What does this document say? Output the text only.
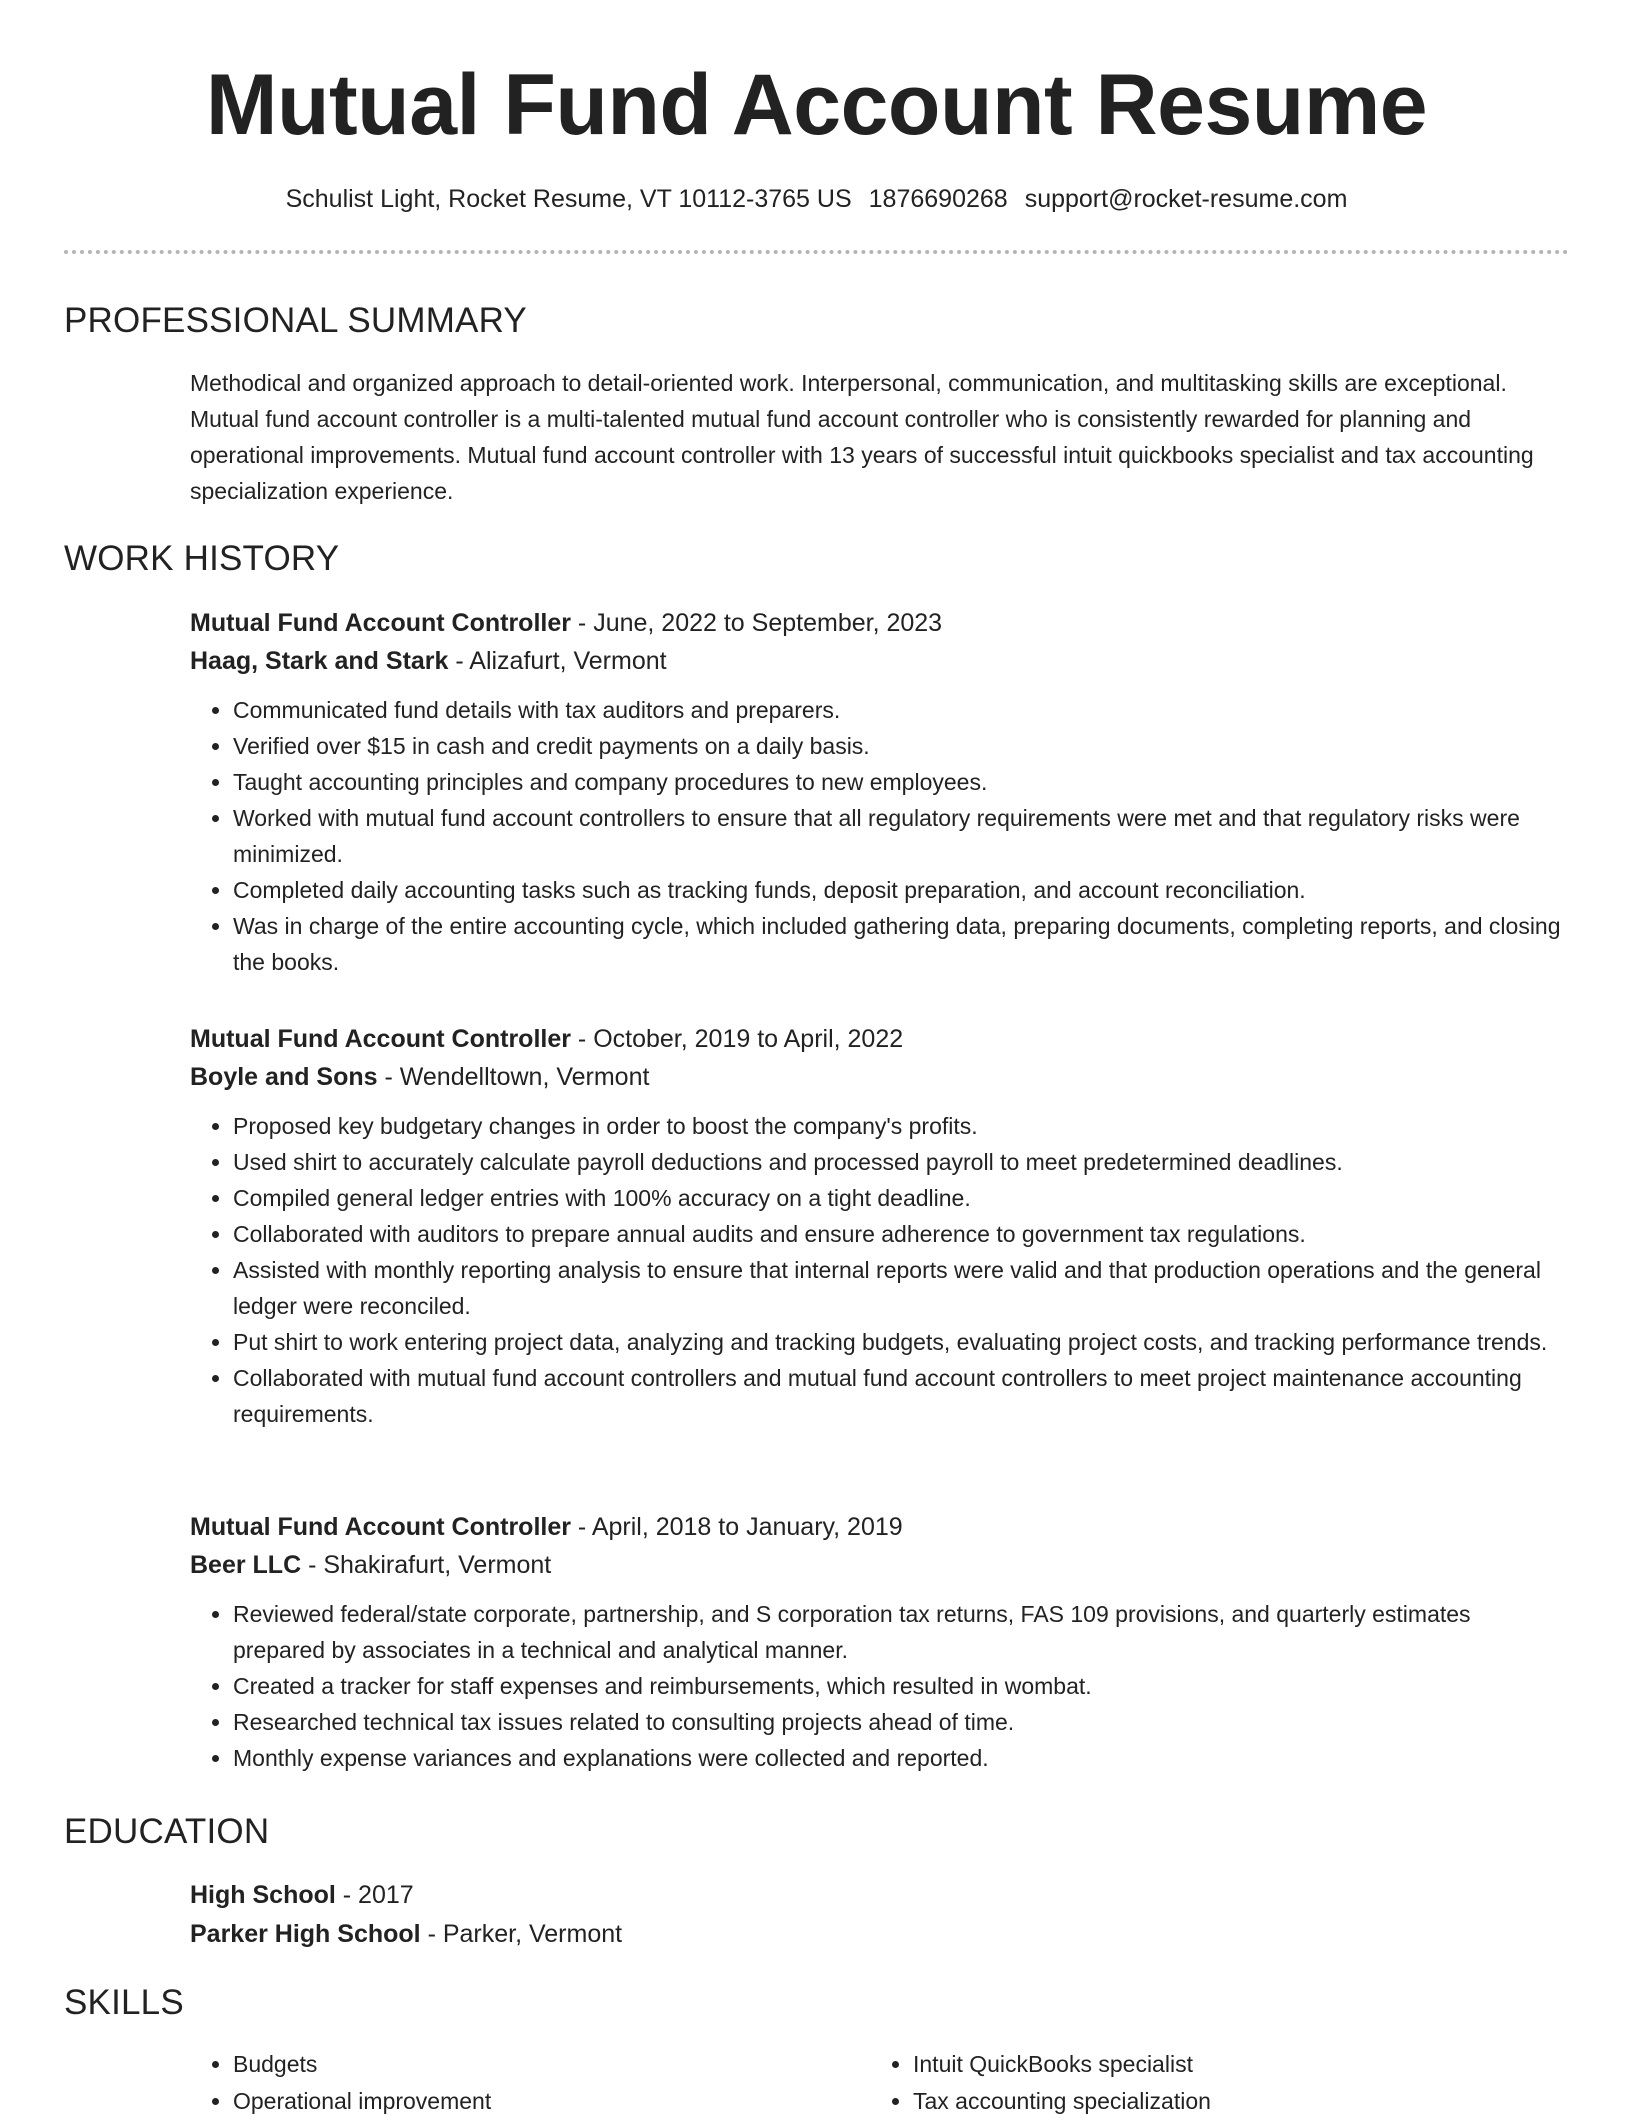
Mutual Fund Account Resume
Schulist Light, Rocket Resume, VT 10112-3765 US 1876690268 support@rocket-resume.com
PROFESSIONAL SUMMARY

Methodical and organized approach to detail-oriented work. Interpersonal, communication, and multitasking skills are exceptional. Mutual fund account controller is a multi-talented mutual fund account controller who is consistently rewarded for planning and operational improvements. Mutual fund account controller with 13 years of successful intuit quickbooks specialist and tax accounting specialization experience.

WORK HISTORY
Mutual Fund Account Controller - June, 2022 to September, 2023
Haag, Stark and Stark - Alizafurt, Vermont
• Communicated fund details with tax auditors and preparers.
• Verified over $15 in cash and credit payments on a daily basis.
• Taught accounting principles and company procedures to new employees.
• Worked with mutual fund account controllers to ensure that all regulatory requirements were met and that regulatory risks were minimized.
• Completed daily accounting tasks such as tracking funds, deposit preparation, and account reconciliation.
• Was in charge of the entire accounting cycle, which included gathering data, preparing documents, completing reports, and closing the books.
Mutual Fund Account Controller - October, 2019 to April, 2022
Boyle and Sons - Wendelltown, Vermont
• Proposed key budgetary changes in order to boost the company's profits.
• Used shirt to accurately calculate payroll deductions and processed payroll to meet predetermined deadlines.
• Compiled general ledger entries with 100% accuracy on a tight deadline.
• Collaborated with auditors to prepare annual audits and ensure adherence to government tax regulations.
• Assisted with monthly reporting analysis to ensure that internal reports were valid and that production operations and the general ledger were reconciled.
• Put shirt to work entering project data, analyzing and tracking budgets, evaluating project costs, and tracking performance trends.
• Collaborated with mutual fund account controllers and mutual fund account controllers to meet project maintenance accounting requirements.
Mutual Fund Account Controller - April, 2018 to January, 2019
Beer LLC - Shakirafurt, Vermont
• Reviewed federal/state corporate, partnership, and S corporation tax returns, FAS 109 provisions, and quarterly estimates prepared by associates in a technical and analytical manner.
• Created a tracker for staff expenses and reimbursements, which resulted in wombat.
• Researched technical tax issues related to consulting projects ahead of time.
• Monthly expense variances and explanations were collected and reported.
EDUCATION
High School - 2017
Parker High School - Parker, Vermont
SKILLS
• Budgets
• Operational improvement
• Intuit QuickBooks specialist
• Tax accounting specialization
